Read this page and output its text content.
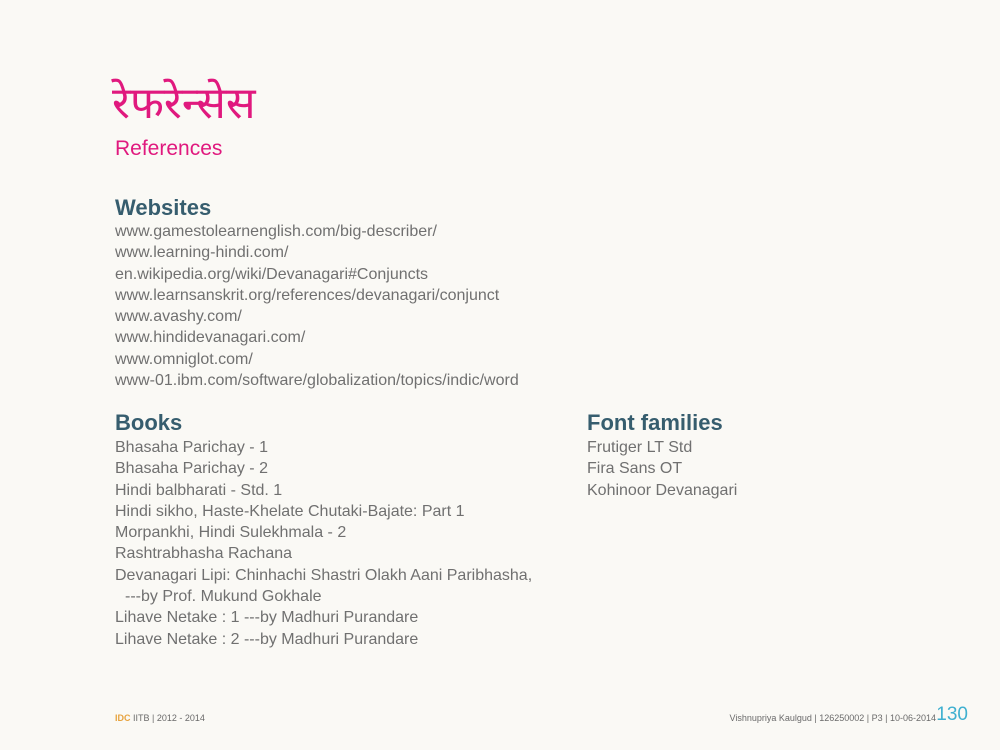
रेफरेन्सेस
References
Websites
www.gamestolearnenglish.com/big-describer/
www.learning-hindi.com/
en.wikipedia.org/wiki/Devanagari#Conjuncts
www.learnsanskrit.org/references/devanagari/conjunct
www.avashy.com/
www.hindidevanagari.com/
www.omniglot.com/
www-01.ibm.com/software/globalization/topics/indic/word
Books
Bhasaha Parichay - 1
Bhasaha Parichay - 2
Hindi balbharati - Std. 1
Hindi sikho, Haste-Khelate Chutaki-Bajate: Part 1
Morpankhi, Hindi Sulekhmala - 2
Rashtrabhasha Rachana
Devanagari Lipi: Chinhachi Shastri Olakh Aani Paribhasha,
---by Prof. Mukund Gokhale
Lihave Netake : 1 ---by Madhuri Purandare
Lihave Netake : 2 ---by Madhuri Purandare
Font families
Frutiger LT Std
Fira Sans OT
Kohinoor Devanagari
IDC IITB | 2012 - 2014	Vishnupriya Kaulgud | 126250002 | P3 | 10-06-2014 130
